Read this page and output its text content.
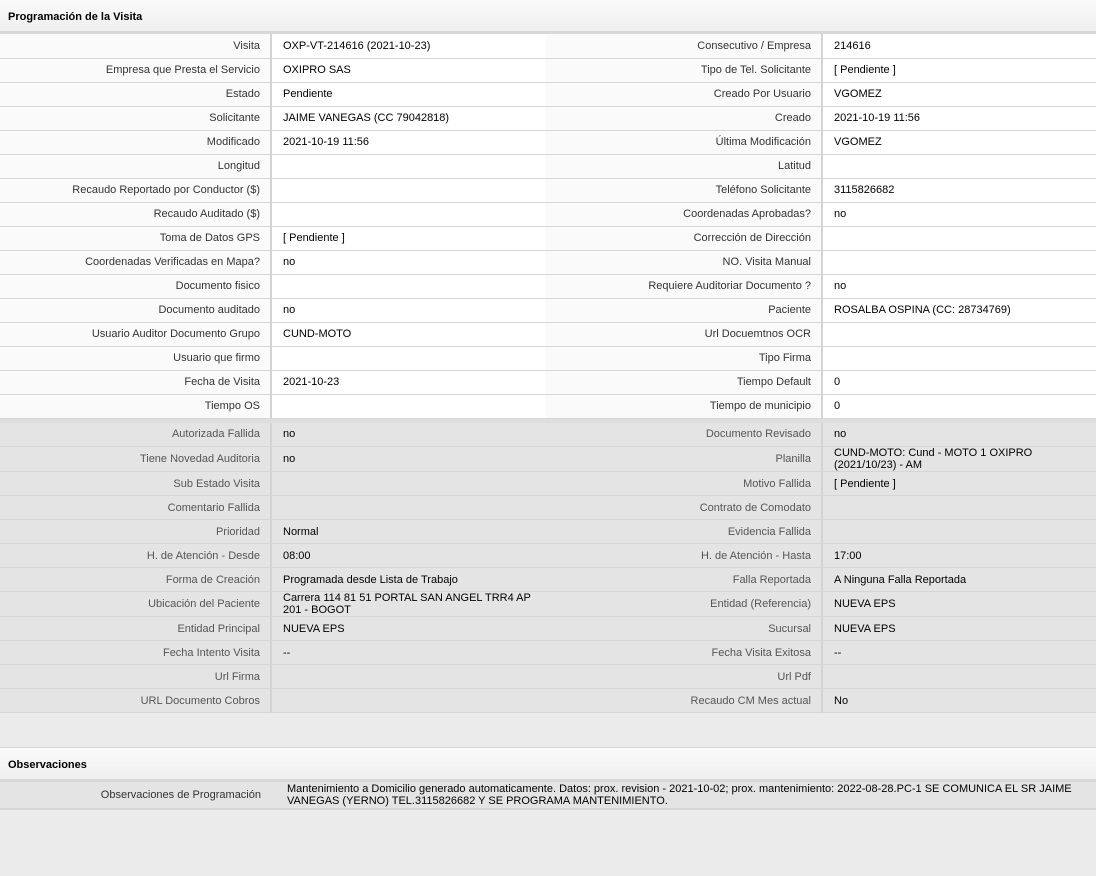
Programación de la Visita
Visita	OXP-VT-214616 (2021-10-23)	Consecutivo / Empresa	214616
Empresa que Presta el Servicio	OXIPRO SAS	Tipo de Tel. Solicitante	[ Pendiente ]
Estado	Pendiente	Creado Por Usuario	VGOMEZ
Solicitante	JAIME VANEGAS (CC 79042818)	Creado	2021-10-19 11:56
Modificado	2021-10-19 11:56	Última Modificación	VGOMEZ
Longitud		Latitud	
Recaudo Reportado por Conductor ($)		Teléfono Solicitante	3115826682
Recaudo Auditado ($)		Coordenadas Aprobadas?	no
Toma de Datos GPS	[ Pendiente ]	Corrección de Dirección	
Coordenadas Verificadas en Mapa?	no	NO. Visita Manual	
Documento fisico		Requiere Auditoriar Documento ?	no
Documento auditado	no	Paciente	ROSALBA OSPINA (CC: 28734769)
Usuario Auditor Documento Grupo	CUND-MOTO	Url Docuemtnos OCR	
Usuario que firmo		Tipo Firma	
Fecha de Visita	2021-10-23	Tiempo Default	0
Tiempo OS		Tiempo de municipio	0
Autorizada Fallida	no	Documento Revisado	no
Tiene Novedad Auditoria	no	Planilla	CUND-MOTO: Cund - MOTO 1 OXIPRO (2021/10/23) - AM
Sub Estado Visita		Motivo Fallida	[ Pendiente ]
Comentario Fallida		Contrato de Comodato	
Prioridad	Normal	Evidencia Fallida	
H. de Atención - Desde	08:00	H. de Atención - Hasta	17:00
Forma de Creación	Programada desde Lista de Trabajo	Falla Reportada	A Ninguna Falla Reportada
Ubicación del Paciente	Carrera 114 81 51 PORTAL SAN ANGEL TRR4 AP 201 - BOGOT	Entidad (Referencia)	NUEVA EPS
Entidad Principal	NUEVA EPS	Sucursal	NUEVA EPS
Fecha Intento Visita	--	Fecha Visita Exitosa	--
Url Firma		Url Pdf	
URL Documento Cobros		Recaudo CM Mes actual	No
Observaciones
Observaciones de Programación	Mantenimiento a Domicilio generado automaticamente. Datos: prox. revision - 2021-10-02; prox. mantenimiento: 2022-08-28.PC-1 SE COMUNICA EL SR JAIME VANEGAS (YERNO) TEL.3115826682 Y SE PROGRAMA MANTENIMIENTO.
